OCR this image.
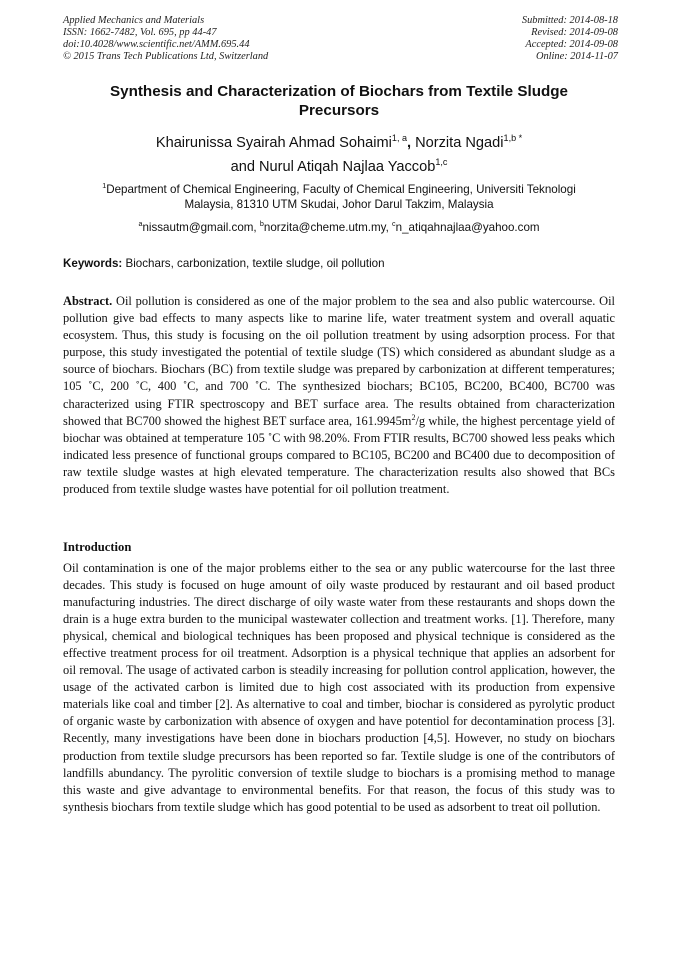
Applied Mechanics and Materials
ISSN: 1662-7482, Vol. 695, pp 44-47
doi:10.4028/www.scientific.net/AMM.695.44
© 2015 Trans Tech Publications Ltd, Switzerland
Submitted: 2014-08-18
Revised: 2014-09-08
Accepted: 2014-09-08
Online: 2014-11-07
Synthesis and Characterization of Biochars from Textile Sludge
Precursors
Khairunissa Syairah Ahmad Sohaimi$^{1, a}$, Norzita Ngadi$^{1,b *}$
and Nurul Atiqah Najlaa Yaccob$^{1,c}$
$^1$Department of Chemical Engineering, Faculty of Chemical Engineering, Universiti Teknologi
Malaysia, 81310 UTM Skudai, Johor Darul Takzim, Malaysia
$^a$nissautm@gmail.com, $^b$norzita@cheme.utm.my, $^c$n_atiqahnajlaa@yahoo.com
Keywords: Biochars, carbonization, textile sludge, oil pollution
Abstract. Oil pollution is considered as one of the major problem to the sea and also public watercourse. Oil pollution give bad effects to many aspects like to marine life, water treatment system and overall aquatic ecosystem. Thus, this study is focusing on the oil pollution treatment by using adsorption process. For that purpose, this study investigated the potential of textile sludge (TS) which considered as abundant sludge as a source of biochars. Biochars (BC) from textile sludge was prepared by carbonization at different temperatures; 105 ˚C, 200 ˚C, 400 ˚C, and 700 ˚C. The synthesized biochars; BC105, BC200, BC400, BC700 was characterized using FTIR spectroscopy and BET surface area. The results obtained from characterization showed that BC700 showed the highest BET surface area, $161.9945m^2/g$ while, the highest percentage yield of biochar was obtained at temperature 105 ˚C with 98.20%. From FTIR results, BC700 showed less peaks which indicated less presence of functional groups compared to BC105, BC200 and BC400 due to decomposition of raw textile sludge wastes at high elevated temperature. The characterization results also showed that BCs produced from textile sludge wastes have potential for oil pollution treatment.
Introduction
Oil contamination is one of the major problems either to the sea or any public watercourse for the last three decades. This study is focused on huge amount of oily waste produced by restaurant and oil based product manufacturing industries. The direct discharge of oily waste water from these restaurants and shops down the drain is a huge extra burden to the municipal wastewater collection and treatment works. [1]. Therefore, many physical, chemical and biological techniques has been proposed and physical technique is considered as the effective treatment process for oil treatment. Adsorption is a physical technique that applies an adsorbent for oil removal. The usage of activated carbon is steadily increasing for pollution control application, however, the usage of the activated carbon is limited due to high cost associated with its production from expensive materials like coal and timber [2]. As alternative to coal and timber, biochar is considered as pyrolytic product of organic waste by carbonization with absence of oxygen and have potentiol for decontamination process [3]. Recently, many investigations have been done in biochars production [4,5]. However, no study on biochars production from textile sludge precursors has been reported so far. Textile sludge is one of the contributors of landfills abundancy. The pyrolitic conversion of textile sludge to biochars is a promising method to manage this waste and give advantage to environmental benefits. For that reason, the focus of this study was to synthesis biochars from textile sludge which has good potential to be used as adsorbent to treat oil pollution.
